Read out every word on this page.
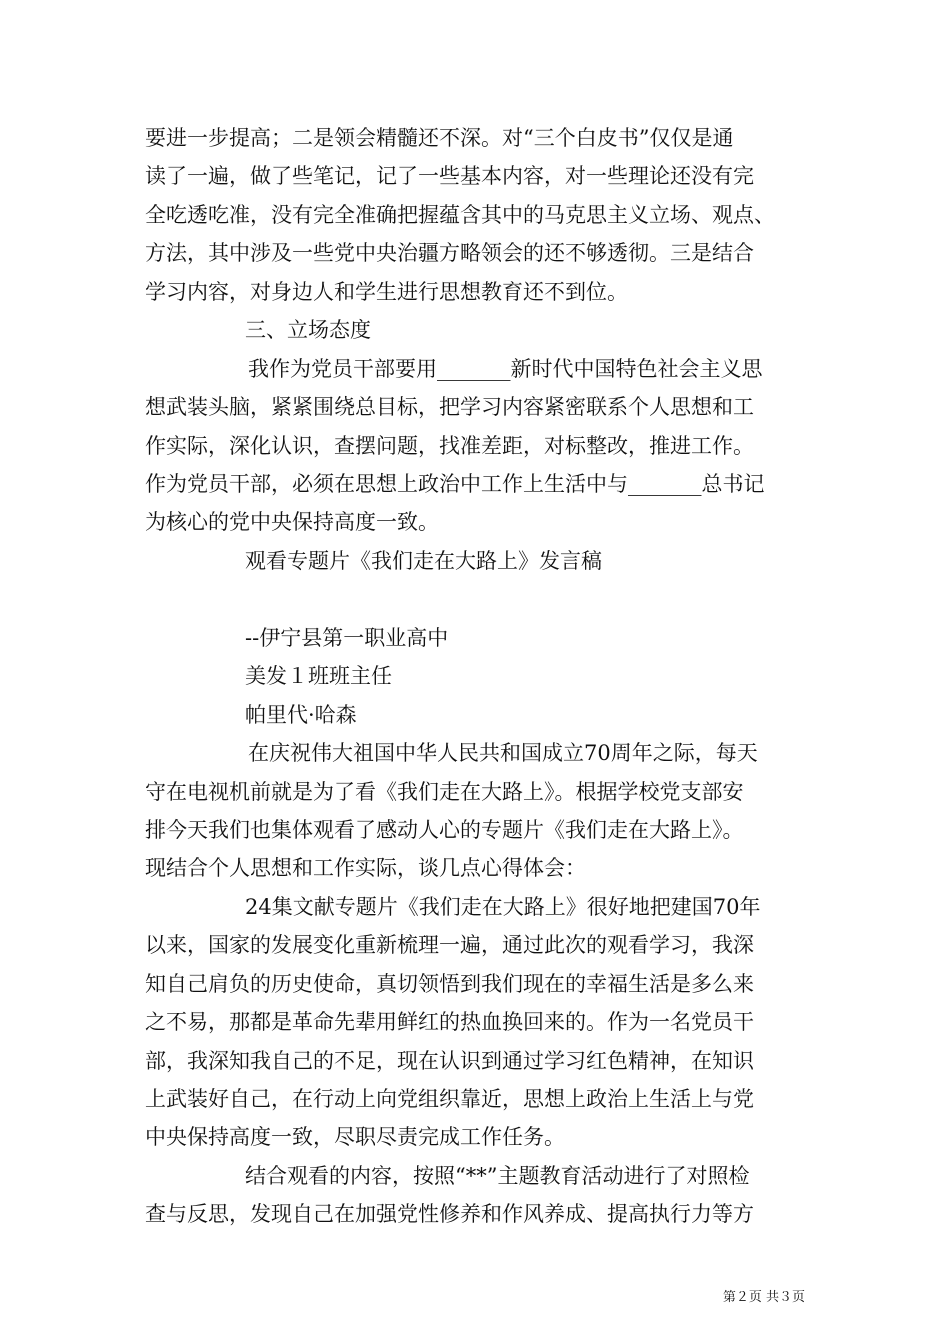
要进一步提高；二是领会精髓还不深。对“三个白皮书”仅仅是通
读了一遍，做了些笔记，记了一些基本内容，对一些理论还没有完
全吃透吃准，没有完全准确把握蕴含其中的马克思主义立场、观点、
方法，其中涉及一些党中央治疆方略领会的还不够透彻。三是结合
学习内容，对身边人和学生进行思想教育还不到位。
三、立场态度
我作为党员干部要用_______新时代中国特色社会主义思
想武装头脑，紧紧围绕总目标，把学习内容紧密联系个人思想和工
作实际，深化认识，查摆问题，找准差距，对标整改，推进工作。
作为党员干部，必须在思想上政治中工作上生活中与_______总书记
为核心的党中央保持高度一致。
观看专题片《我们走在大路上》发言稿
--伊宁县第一职业高中
美发１班班主任
帕里代·哈森
在庆祝伟大祖国中华人民共和国成立70周年之际，每天
守在电视机前就是为了看《我们走在大路上》。根据学校党支部安
排今天我们也集体观看了感动人心的专题片《我们走在大路上》。
现结合个人思想和工作实际，谈几点心得体会：
24集文献专题片《我们走在大路上》很好地把建国70年
以来，国家的发展变化重新梳理一遍，通过此次的观看学习，我深
知自己肩负的历史使命，真切领悟到我们现在的幸福生活是多么来
之不易，那都是革命先辈用鲜红的热血换回来的。作为一名党员干
部，我深知我自己的不足，现在认识到通过学习红色精神，在知识
上武装好自己，在行动上向党组织靠近，思想上政治上生活上与党
中央保持高度一致，尽职尽责完成工作任务。
结合观看的内容，按照“**”主题教育活动进行了对照检
查与反思，发现自己在加强党性修养和作风养成、提高执行力等方
第２页 共３页
